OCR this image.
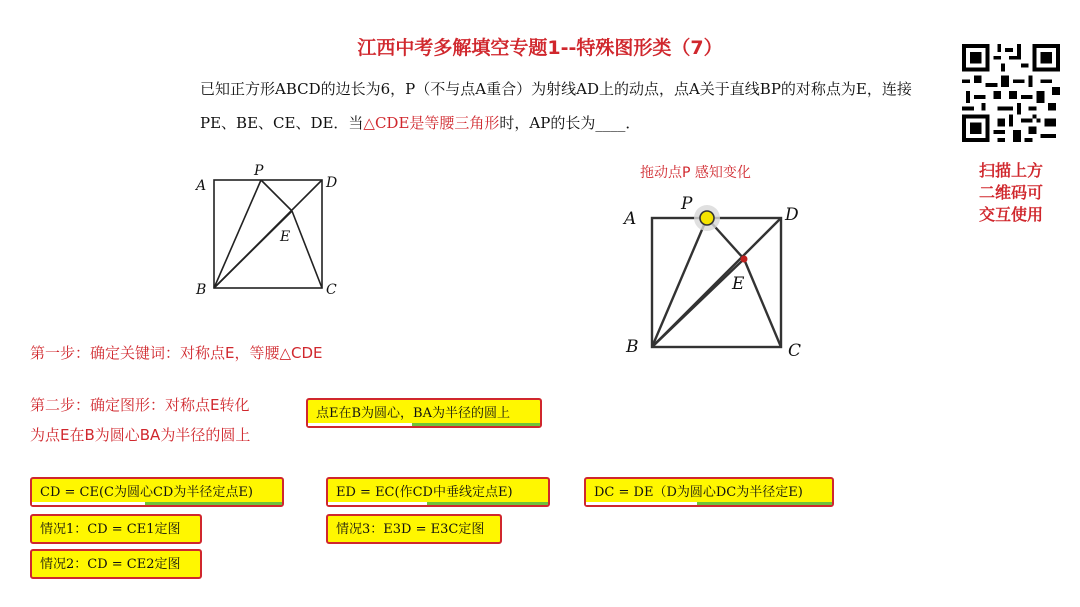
江西中考多解填空专题1--特殊图形类（7）
已知正方形ABCD的边长为6，P（不与点A重合）为射线AD上的动点，点A关于直线BP的对称点为E，连接PE、BE、CE、DE．当△CDE是等腰三角形时，AP的长为____．
扫描上方
二维码可
交互使用
A
P
D
E
B	C
拖动点P 感知变化
A
P
D
E
B	C
第一步：确定关键词：对称点E，等腰△CDE
第二步：确定图形：对称点E转化
为点E在B为圆心BA为半径的圆上
点E在B为圆心，BA为半径的圆上
CD = CE(C为圆心CD为半径定点E)	ED = EC(作CD中垂线定点E)	DC = DE（D为圆心DC为半径定E)
情况1：CD = CE1定图	情况3：E3D = E3C定图
情况2：CD = CE2定图
